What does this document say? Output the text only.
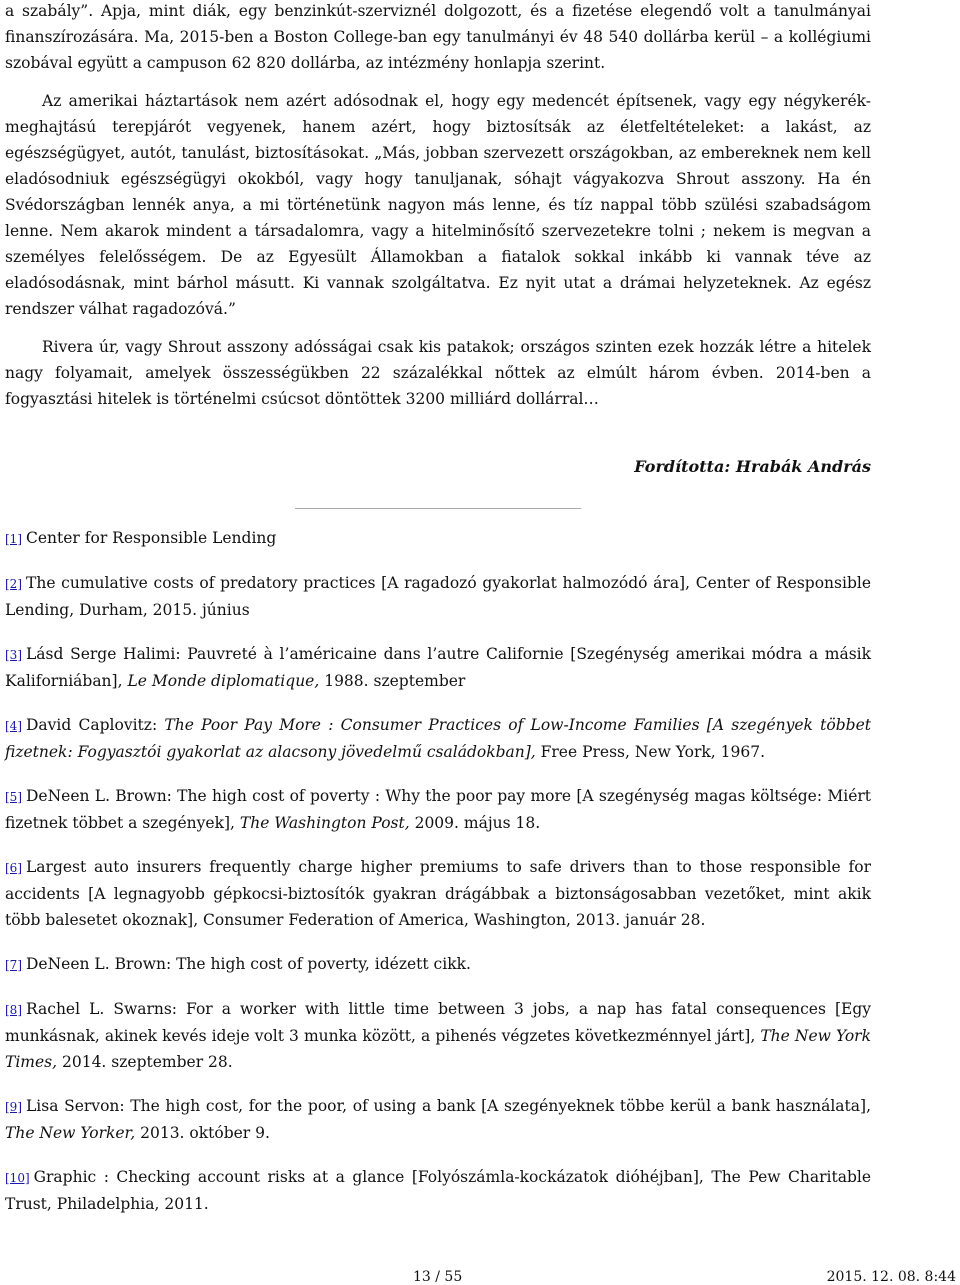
a szabály”. Apja, mint diák, egy benzinkút-szerviznél dolgozott, és a fizetése elegendő volt a tanulmányai finanszírozására. Ma, 2015-ben a Boston College-ban egy tanulmányi év 48 540 dollárba kerül – a kollégiumi szobával együtt a campuson 62 820 dollárba, az intézmény honlapja szerint.

Az amerikai háztartások nem azért adósodnak el, hogy egy medencét építsenek, vagy egy négykerék-meghajtású terepjárót vegyenek, hanem azért, hogy biztosítsák az életfeltételeket: a lakást, az egészségügyet, autót, tanulást, biztosításokat. „Más, jobban szervezett országokban, az embereknek nem kell eladósodniuk egészségügyi okokból, vagy hogy tanuljanak, sóhajt vágyakozva Shrout asszony. Ha én Svédországban lennék anya, a mi történetünk nagyon más lenne, és tíz nappal több szülési szabadságom lenne. Nem akarok mindent a társadalomra, vagy a hitelminősítő szervezetekre tolni ; nekem is megvan a személyes felelősségem. De az Egyesült Államokban a fiatalok sokkal inkább ki vannak téve az eladósodásnak, mint bárhol másutt. Ki vannak szolgáltatva. Ez nyit utat a drámai helyzeteknek. Az egész rendszer válhat ragadozóvá.”

Rivera úr, vagy Shrout asszony adósságai csak kis patakok; országos szinten ezek hozzák létre a hitelek nagy folyamait, amelyek összességükben 22 százalékkal nőttek az elmúlt három évben. 2014-ben a fogyasztási hitelek is történelmi csúcsot döntöttek 3200 milliárd dollárral…

Fordította: Hrabák András

[1] Center for Responsible Lending

[2] The cumulative costs of predatory practices [A ragadozó gyakorlat halmozódó ára], Center of Responsible Lending, Durham, 2015. június

[3] Lásd Serge Halimi: Pauvreté à l’américaine dans l’autre Californie [Szegénység amerikai módra a másik Kaliforniában], Le Monde diplomatique, 1988. szeptember

[4] David Caplovitz: The Poor Pay More : Consumer Practices of Low-Income Families [A szegények többet fizetnek: Fogyasztói gyakorlat az alacsony jövedelmű családokban], Free Press, New York, 1967.

[5] DeNeen L. Brown: The high cost of poverty : Why the poor pay more [A szegénység magas költsége: Miért fizetnek többet a szegények], The Washington Post, 2009. május 18.

[6] Largest auto insurers frequently charge higher premiums to safe drivers than to those responsible for accidents [A legnagyobb gépkocsi-biztosítók gyakran drágábbak a biztonságosabban vezetőket, mint akik több balesetet okoznak], Consumer Federation of America, Washington, 2013. január 28.

[7] DeNeen L. Brown: The high cost of poverty, idézett cikk.

[8] Rachel L. Swarns: For a worker with little time between 3 jobs, a nap has fatal consequences [Egy munkásnak, akinek kevés ideje volt 3 munka között, a pihenés végzetes következménnyel járt], The New York Times, 2014. szeptember 28.

[9] Lisa Servon: The high cost, for the poor, of using a bank [A szegényeknek többe kerül a bank használata], The New Yorker, 2013. október 9.

[10] Graphic : Checking account risks at a glance [Folyószámla-kockázatok dióhéjban], The Pew Charitable Trust, Philadelphia, 2011.

13 / 55	2015. 12. 08. 8:44
